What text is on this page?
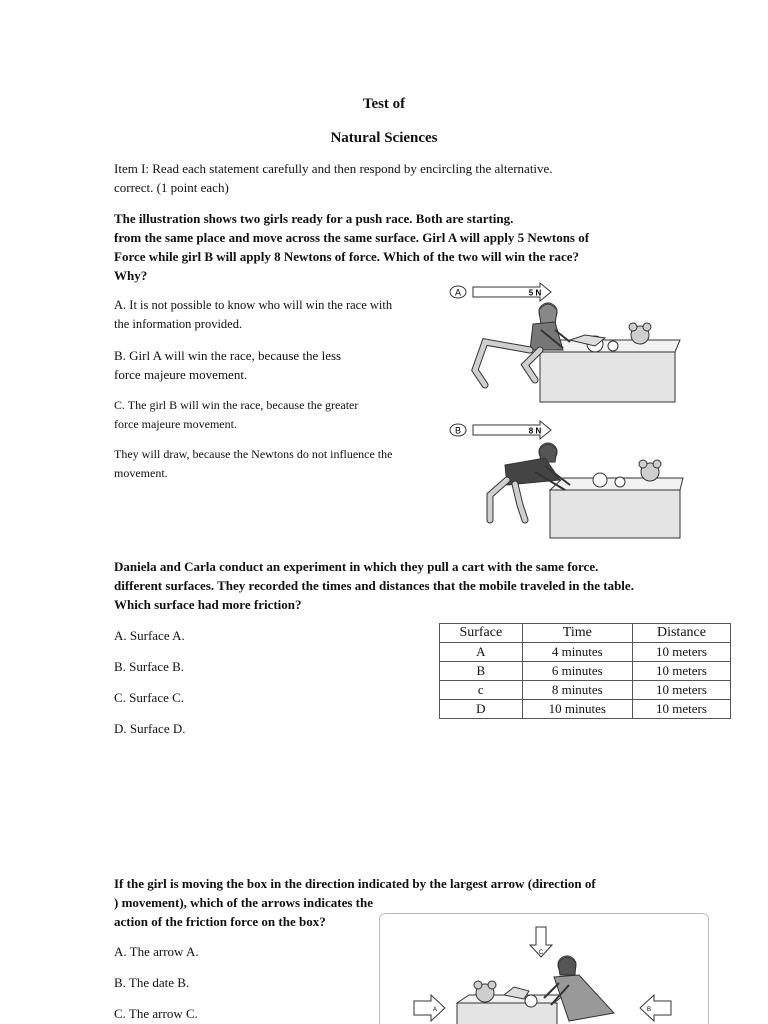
Test of
Natural Sciences
Item I: Read each statement carefully and then respond by encircling the alternative.
correct. (1 point each)
The illustration shows two girls ready for a push race. Both are starting.
from the same place and move across the same surface. Girl A will apply 5 Newtons of
Force while girl B will apply 8 Newtons of force. Which of the two will win the race?
Why?
A. It is not possible to know who will win the race with
the information provided.
B. Girl A will win the race, because the less
force majeure movement.
C. The girl B will win the race, because the greater
force majeure movement.
They will draw, because the Newtons do not influence the
movement.
A	5 N
B	8 N
Daniela and Carla conduct an experiment in which they pull a cart with the same force.
different surfaces. They recorded the times and distances that the mobile traveled in the table.
Which surface had more friction?
A. Surface A.
B. Surface B.
C. Surface C.
D. Surface D.
Surface	Time	Distance
A	4 minutes	10 meters
B	6 minutes	10 meters
c	8 minutes	10 meters
D	10 minutes	10 meters
If the girl is moving the box in the direction indicated by the largest arrow (direction of
) movement), which of the arrows indicates the
action of the friction force on the box?
A. The arrow A.
B. The date B.
C. The arrow C.
C
A	B
